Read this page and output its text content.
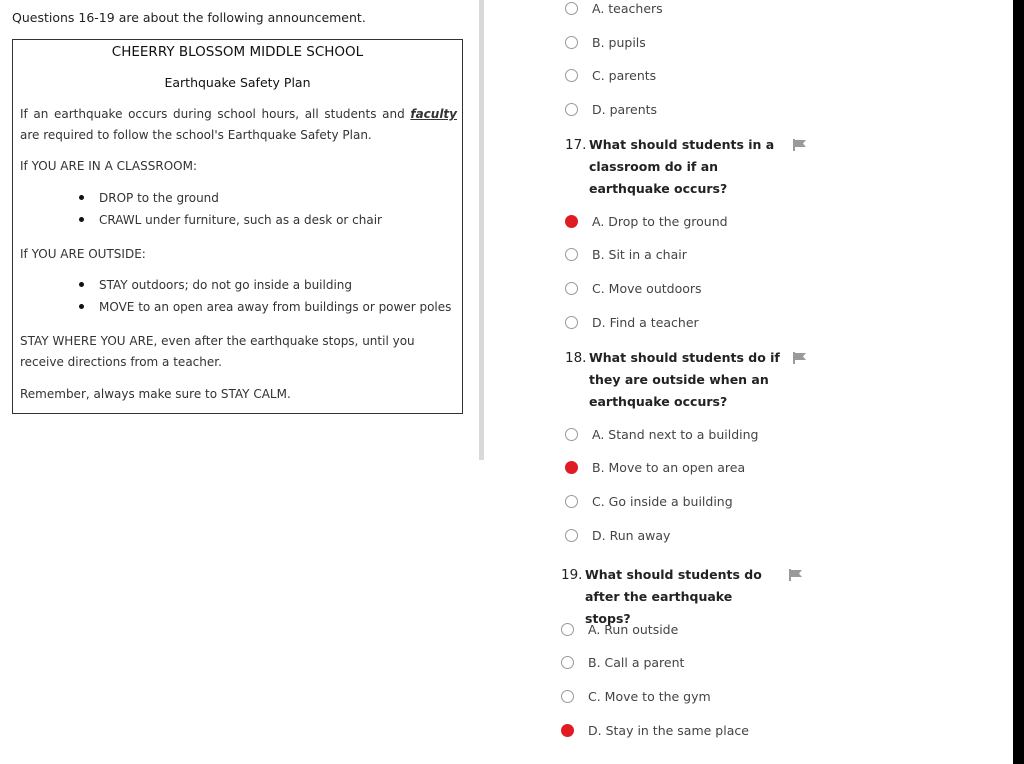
Questions 16-19 are about the following announcement.
CHEERRY BLOSSOM MIDDLE SCHOOL
Earthquake Safety Plan
If an earthquake occurs during school hours, all students and faculty are required to follow the school's Earthquake Safety Plan.
If YOU ARE IN A CLASSROOM:
DROP to the ground
CRAWL under furniture, such as a desk or chair
If YOU ARE OUTSIDE:
STAY outdoors; do not go inside a building
MOVE to an open area away from buildings or power poles
STAY WHERE YOU ARE, even after the earthquake stops, until you receive directions from a teacher.
Remember, always make sure to STAY CALM.
A. teachers
B. pupils
C. parents
D. parents
17. What should students in a classroom do if an earthquake occurs?
A. Drop to the ground
B. Sit in a chair
C. Move outdoors
D. Find a teacher
18. What should students do if they are outside when an earthquake occurs?
A. Stand next to a building
B. Move to an open area
C. Go inside a building
D. Run away
19. What should students do after the earthquake stops?
A. Run outside
B. Call a parent
C. Move to the gym
D. Stay in the same place
